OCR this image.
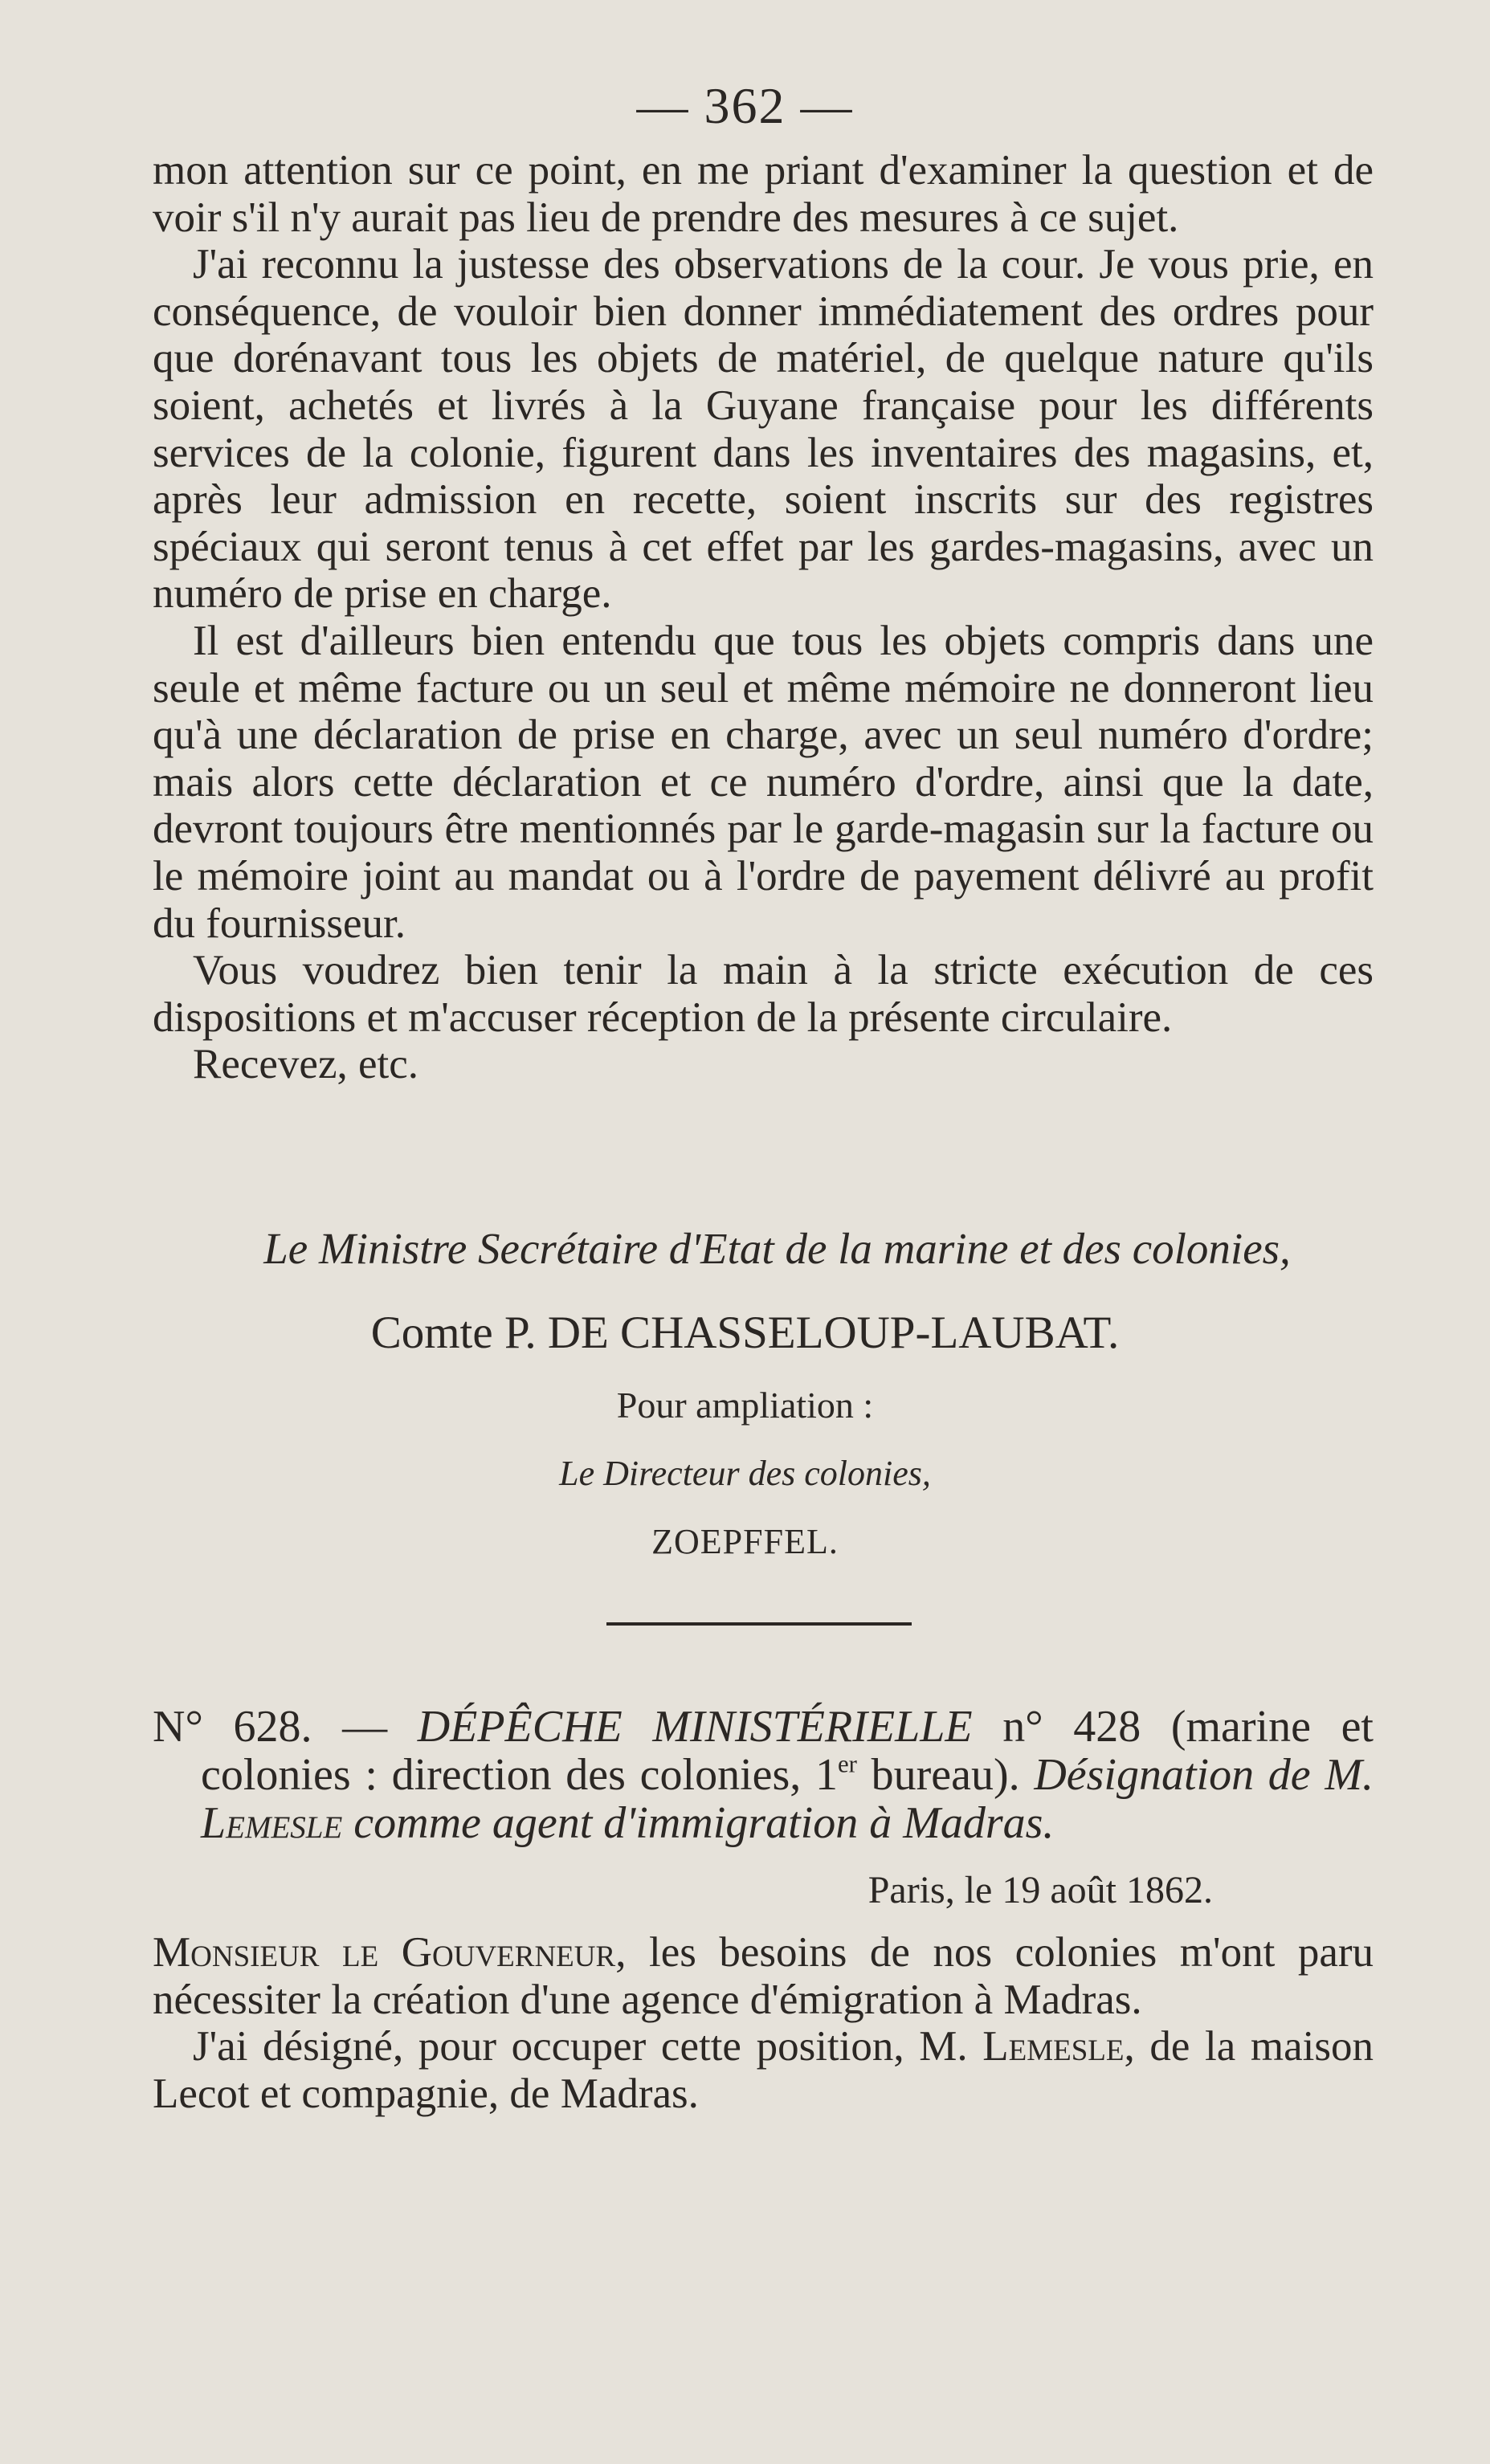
— 362 —

mon attention sur ce point, en me priant d'examiner la question et de voir s'il n'y aurait pas lieu de prendre des mesures à ce sujet.

J'ai reconnu la justesse des observations de la cour. Je vous prie, en conséquence, de vouloir bien donner immédiatement des ordres pour que dorénavant tous les objets de matériel, de quelque nature qu'ils soient, achetés et livrés à la Guyane française pour les différents services de la colonie, figurent dans les inventaires des magasins, et, après leur admission en recette, soient inscrits sur des registres spéciaux qui seront tenus à cet effet par les gardes-magasins, avec un numéro de prise en charge.

Il est d'ailleurs bien entendu que tous les objets compris dans une seule et même facture ou un seul et même mémoire ne donneront lieu qu'à une déclaration de prise en charge, avec un seul numéro d'ordre; mais alors cette déclaration et ce numéro d'ordre, ainsi que la date, devront toujours être mentionnés par le garde-magasin sur la facture ou le mémoire joint au mandat ou à l'ordre de payement délivré au profit du fournisseur.

Vous voudrez bien tenir la main à la stricte exécution de ces dispositions et m'accuser réception de la présente circulaire.

Recevez, etc.

Le Ministre Secrétaire d'Etat de la marine et des colonies,
Comte P. DE CHASSELOUP-LAUBAT.
Pour ampliation :
Le Directeur des colonies,
ZOEPFFEL.

N° 628. — DÉPÊCHE MINISTÉRIELLE n° 428 (marine et colonies : direction des colonies, 1er bureau). Désignation de M. Lemesle comme agent d'immigration à Madras.

Paris, le 19 août 1862.

Monsieur le Gouverneur, les besoins de nos colonies m'ont paru nécessiter la création d'une agence d'émigration à Madras.

J'ai désigné, pour occuper cette position, M. Lemesle, de la maison Lecot et compagnie, de Madras.
